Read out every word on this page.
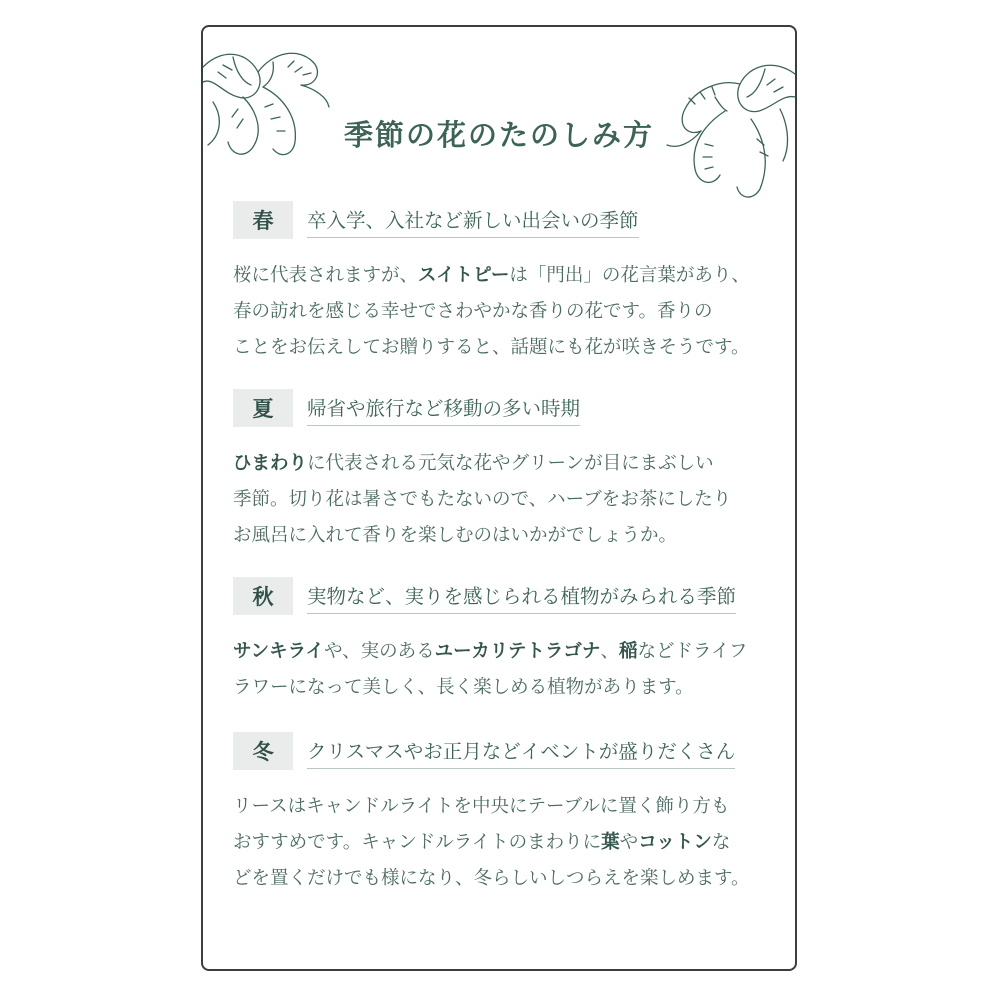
季節の花のたのしみ方
春	卒入学、入社など新しい出会いの季節
桜に代表されますが、スイトピーは「門出」の花言葉があり、
春の訪れを感じる幸せでさわやかな香りの花です。香りの
ことをお伝えしてお贈りすると、話題にも花が咲きそうです。
夏	帰省や旅行など移動の多い時期
ひまわりに代表される元気な花やグリーンが目にまぶしい
季節。切り花は暑さでもたないので、ハーブをお茶にしたり
お風呂に入れて香りを楽しむのはいかがでしょうか。
秋	実物など、実りを感じられる植物がみられる季節
サンキライや、実のあるユーカリテトラゴナ、稲などドライフ
ラワーになって美しく、長く楽しめる植物があります。
冬	クリスマスやお正月などイベントが盛りだくさん
リースはキャンドルライトを中央にテーブルに置く飾り方も
おすすめです。キャンドルライトのまわりに葉やコットンな
どを置くだけでも様になり、冬らしいしつらえを楽しめます。
